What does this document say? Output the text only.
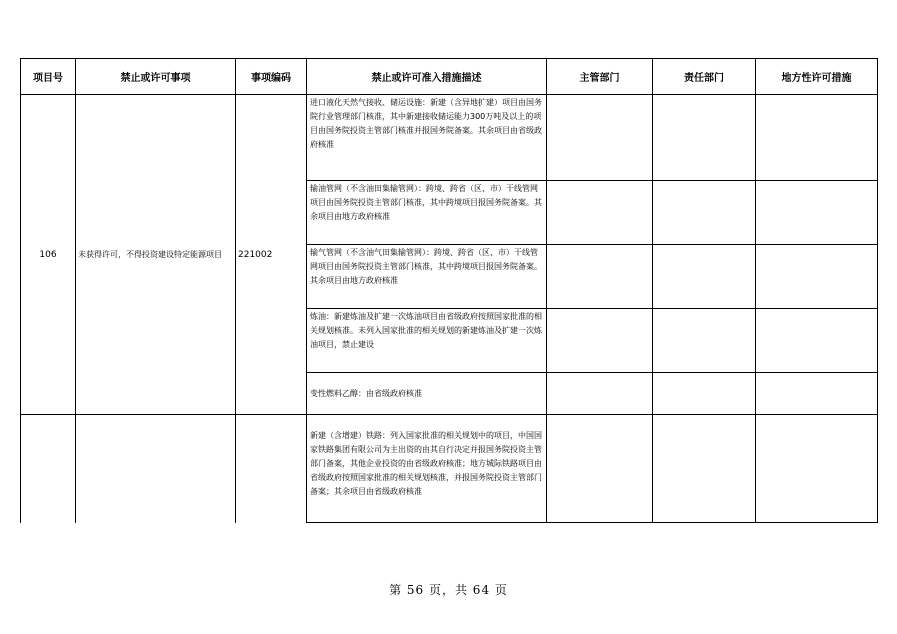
项目号	禁止或许可事项	事项编码	禁止或许可准入措施描述	主管部门	责任部门	地方性许可措施
106	未获得许可，不得投资建设特定能源项目	221002	进口液化天然气接收、储运设施：新建（含异地扩建）项目由国务院行业管理部门核准，其中新建接收储运能力300万吨及以上的项目由国务院投资主管部门核准并报国务院备案。其余项目由省级政府核准			
			输油管网（不含油田集输管网）：跨境、跨省（区、市）干线管网项目由国务院投资主管部门核准，其中跨境项目报国务院备案。其余项目由地方政府核准			
			输气管网（不含油气田集输管网）：跨境、跨省（区、市）干线管网项目由国务院投资主管部门核准，其中跨境项目报国务院备案。其余项目由地方政府核准			
			炼油：新建炼油及扩建一次炼油项目由省级政府按照国家批准的相关规划核准。未列入国家批准的相关规划的新建炼油及扩建一次炼油项目，禁止建设			
			变性燃料乙醇：由省级政府核准			
			新建（含增建）铁路：列入国家批准的相关规划中的项目，中国国家铁路集团有限公司为主出资的由其自行决定并报国务院投资主管部门备案，其他企业投资的由省级政府核准；地方城际铁路项目由省级政府按照国家批准的相关规划核准，并报国务院投资主管部门备案；其余项目由省级政府核准			
第 56 页，共 64 页
